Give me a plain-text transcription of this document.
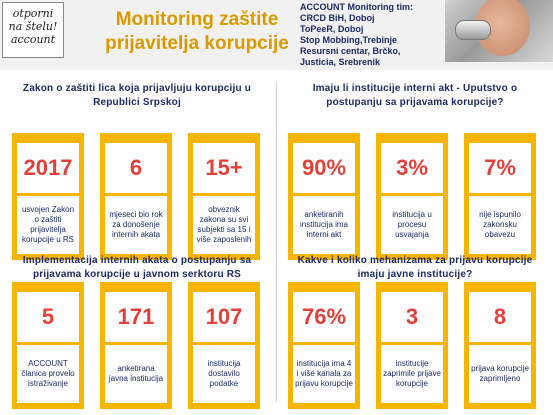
otporni
na štelu!
account
Monitoring zaštite prijavitelja korupcije
ACCOUNT Monitoring tim:
CRCD BiH, Doboj
ToPeeR, Doboj
Stop Mobbing,Trebinje
Resursni centar, Brčko,
Justicia, Srebrenik
Zakon o zaštiti lica koja prijavljuju korupciju u Republici Srpskoj
2017
usvojen Zakon o zaštiti prijavitelja korupcije u RS
6
mjeseci bio rok za donošenje internih akata
15+
obveznik zakona su svi subjekti sa 15 i više zaposlenih
Imaju li institucije interni akt - Uputstvo o postupanju sa prijavama korupcije?
90%
anketiranih institucija ima interni akt
3%
institucija u procesu usvajanja
7%
nije ispunilo zakonsku obavezu
Implementacija internih akata o postupanju sa prijavama korupcije u javnom serktoru RS
5
ACCOUNT članica provelo istraživanje
171
anketirana javna institucija
107
institucija dostavilo podatke
Kakve i koliko mehanizama za prijavu korupcije imaju javne institucije?
76%
institucija ima 4 i više kanala za prijavu korupcije
3
institucije zaprimile prijave korupcije
8
prijava korupcije zaprimljeno
